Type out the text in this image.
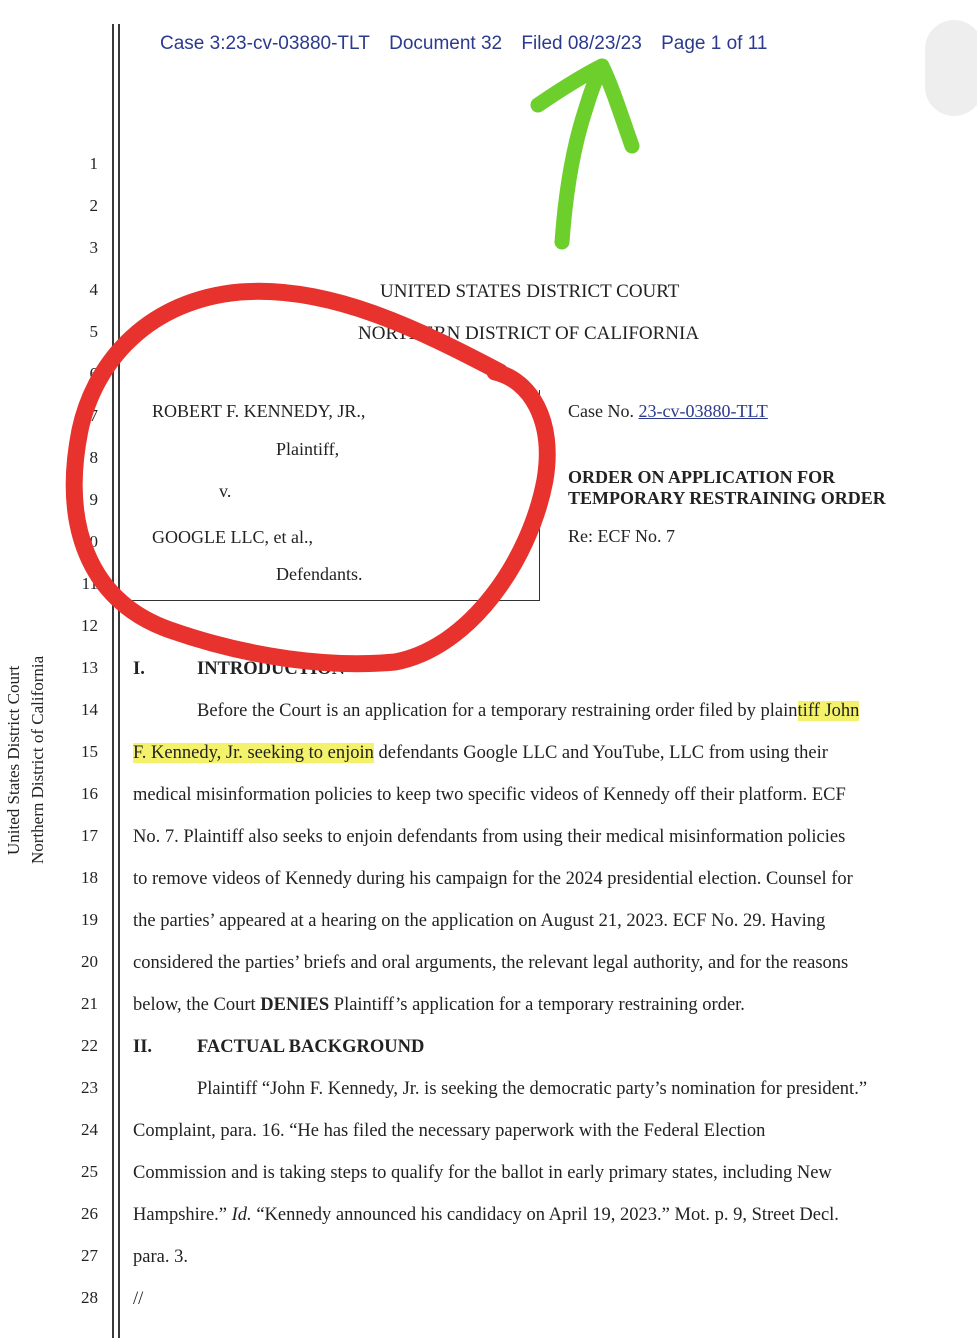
Case 3:23-cv-03880-TLT Document 32 Filed 08/23/23 Page 1 of 11
1
2
3
4
5
6
7
8
9
10
11
12
13
14
15
16
17
18
19
20
21
22
23
24
25
26
27
28
United States District Court Northern District of California
UNITED STATES DISTRICT COURT
NORTHERN DISTRICT OF CALIFORNIA
ROBERT F. KENNEDY, JR.,
Plaintiff,
v.
GOOGLE LLC, et al.,
Defendants.
Case No. 23-cv-03880-TLT
ORDER ON APPLICATION FOR
TEMPORARY RESTRAINING ORDER
Re: ECF No. 7
I.	INTRODUCTION
Before the Court is an application for a temporary restraining order filed by plaintiff John
F. Kennedy, Jr. seeking to enjoin defendants Google LLC and YouTube, LLC from using their
medical misinformation policies to keep two specific videos of Kennedy off their platform. ECF
No. 7. Plaintiff also seeks to enjoin defendants from using their medical misinformation policies
to remove videos of Kennedy during his campaign for the 2024 presidential election. Counsel for
the parties’ appeared at a hearing on the application on August 21, 2023. ECF No. 29. Having
considered the parties’ briefs and oral arguments, the relevant legal authority, and for the reasons
below, the Court DENIES Plaintiff’s application for a temporary restraining order.
II. FACTUAL BACKGROUND
Plaintiff “John F. Kennedy, Jr. is seeking the democratic party’s nomination for president.”
Complaint, para. 16. “He has filed the necessary paperwork with the Federal Election
Commission and is taking steps to qualify for the ballot in early primary states, including New
Hampshire.” Id. “Kennedy announced his candidacy on April 19, 2023.” Mot. p. 9, Street Decl.
para. 3.
//
